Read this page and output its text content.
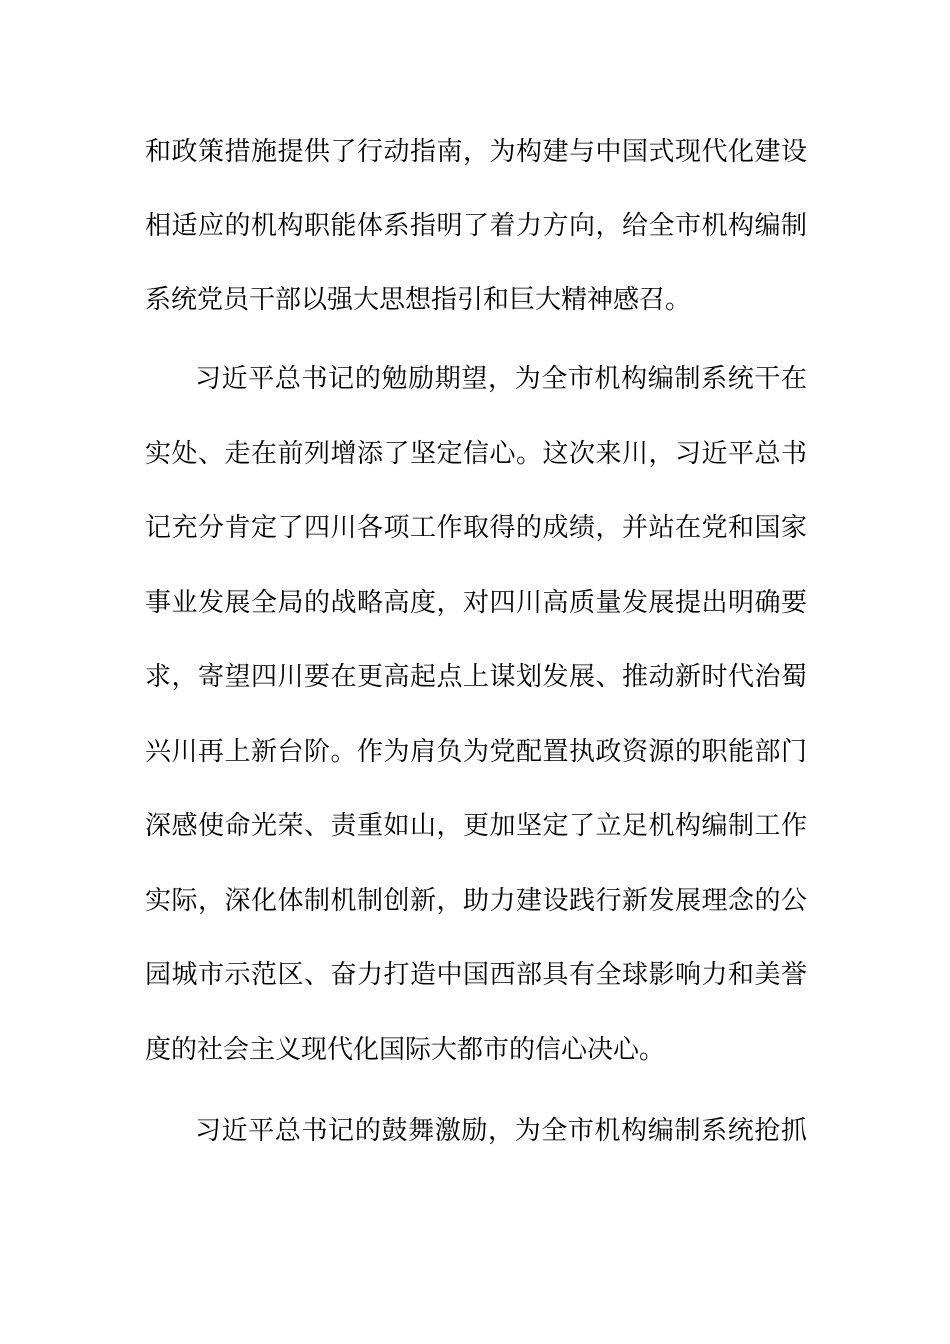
和政策措施提供了行动指南，为构建与中国式现代化建设
相适应的机构职能体系指明了着力方向，给全市机构编制
系统党员干部以强大思想指引和巨大精神感召。
习近平总书记的勉励期望，为全市机构编制系统干在
实处、走在前列增添了坚定信心。这次来川，习近平总书
记充分肯定了四川各项工作取得的成绩，并站在党和国家
事业发展全局的战略高度，对四川高质量发展提出明确要
求，寄望四川要在更高起点上谋划发展、推动新时代治蜀
兴川再上新台阶。作为肩负为党配置执政资源的职能部门
深感使命光荣、责重如山，更加坚定了立足机构编制工作
实际，深化体制机制创新，助力建设践行新发展理念的公
园城市示范区、奋力打造中国西部具有全球影响力和美誉
度的社会主义现代化国际大都市的信心决心。
习近平总书记的鼓舞激励，为全市机构编制系统抢抓
